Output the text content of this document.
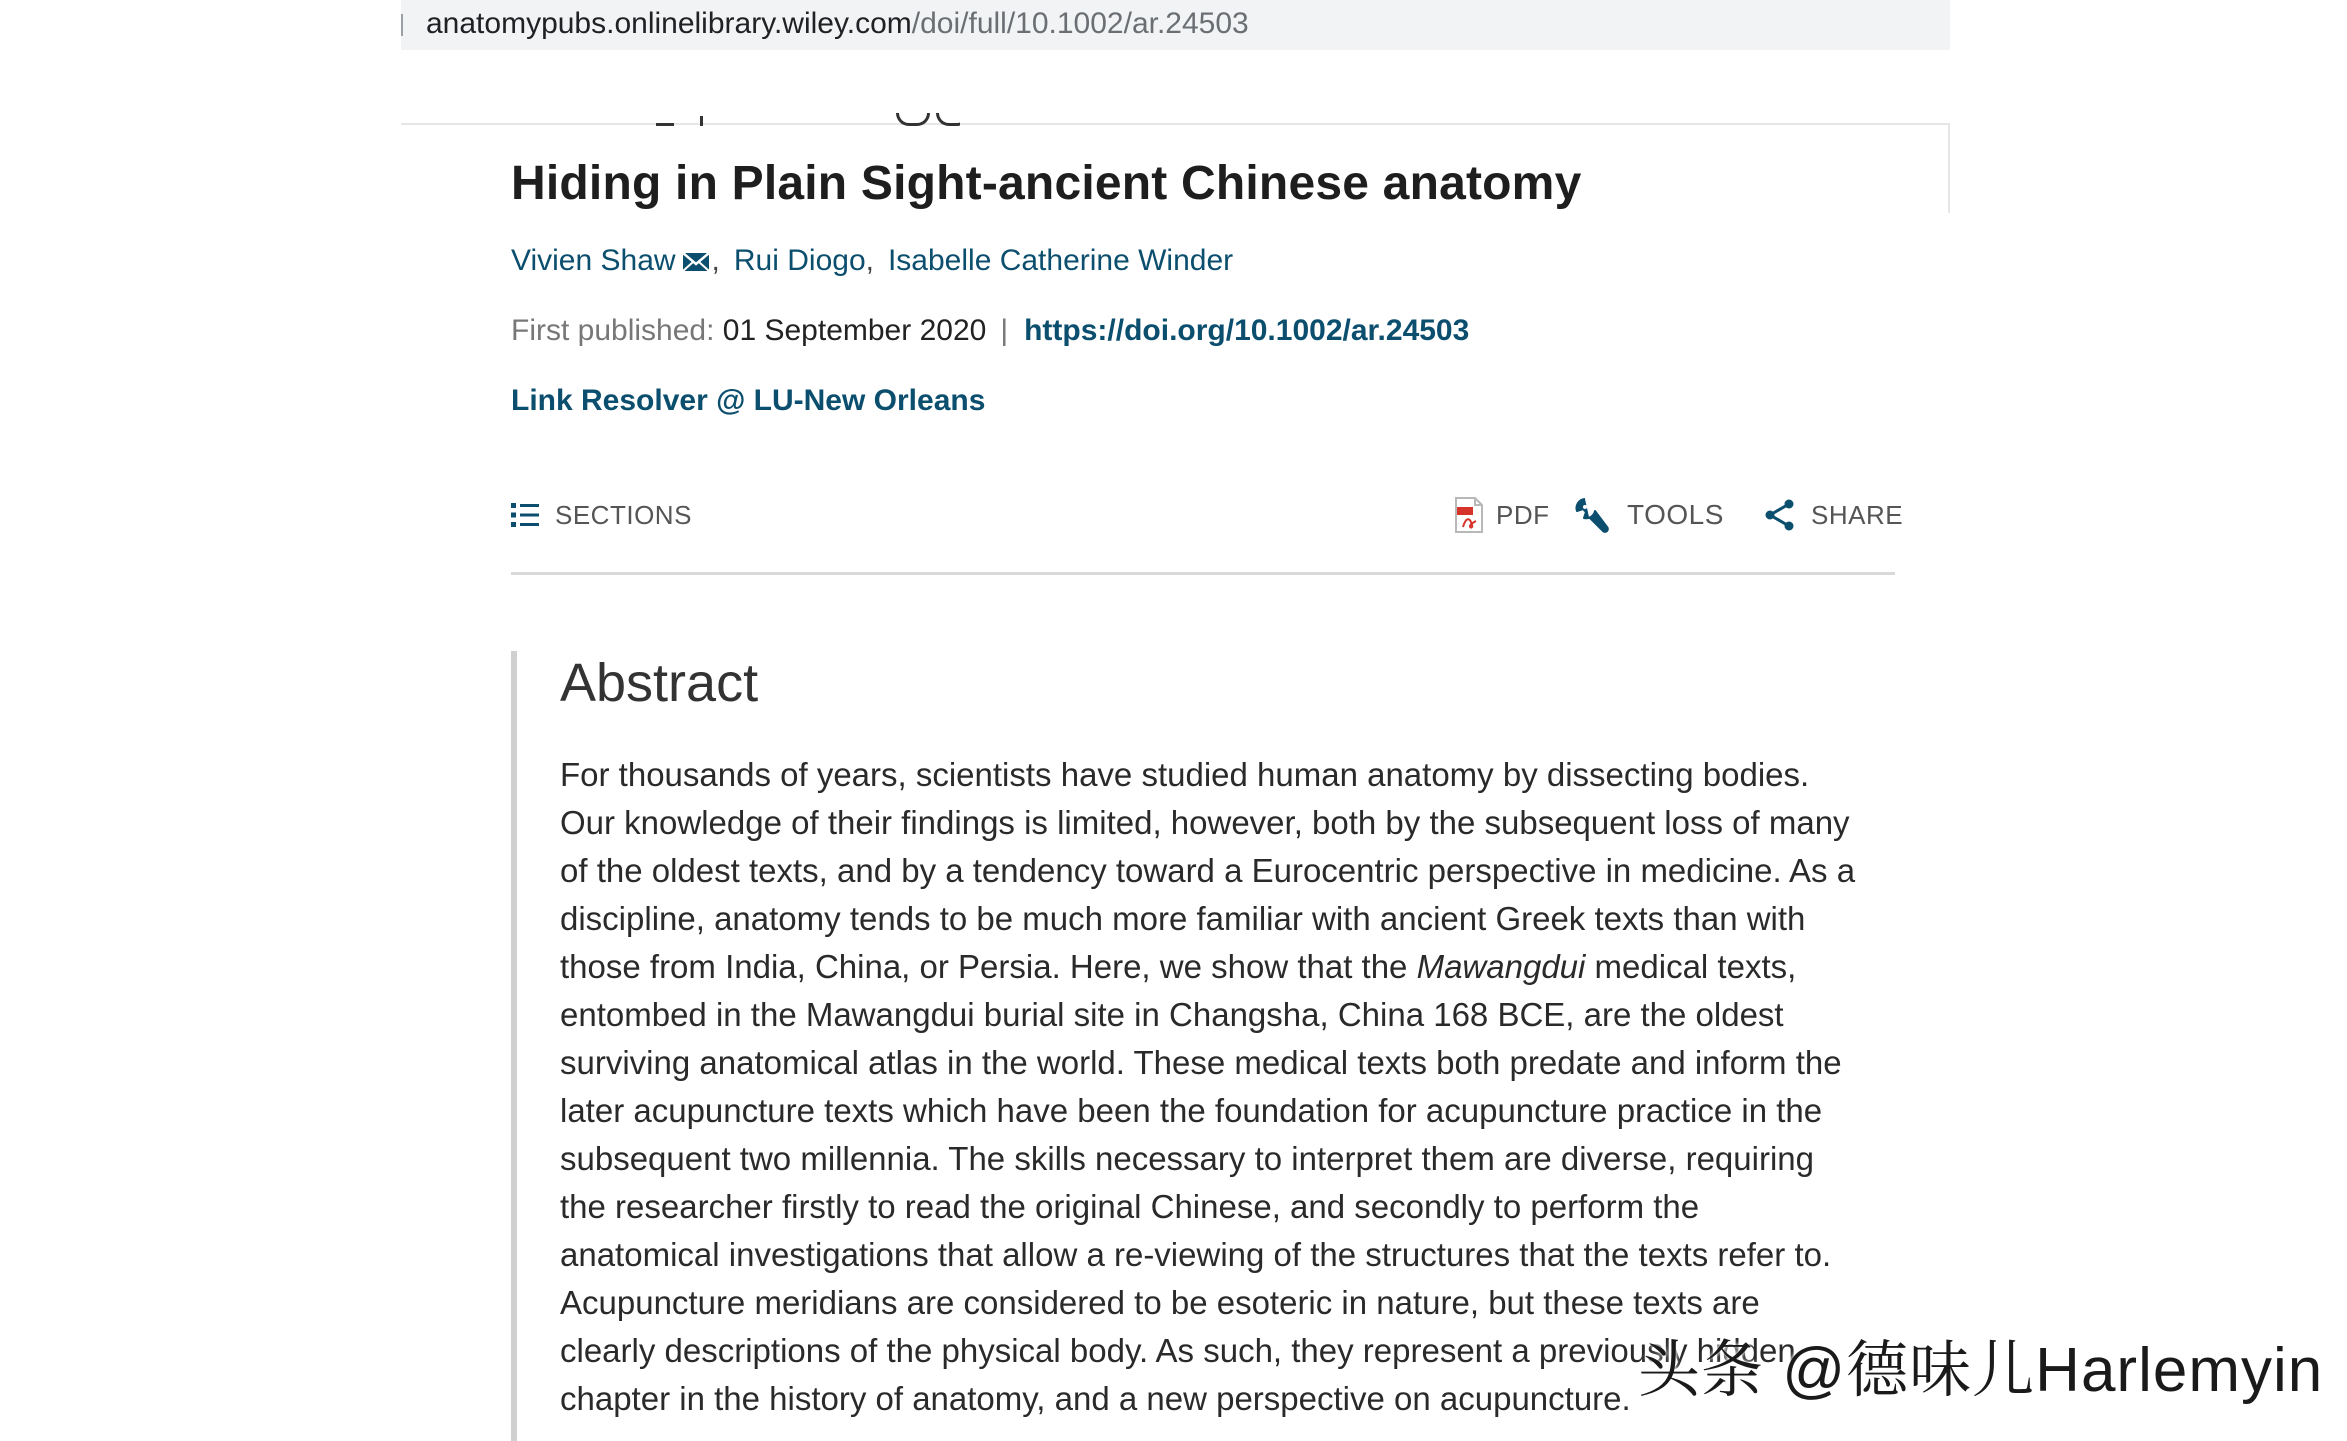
anatomypubs.onlinelibrary.wiley.com/doi/full/10.1002/ar.24503
Hiding in Plain Sight-ancient Chinese anatomy
Vivien Shaw , Rui Diogo, Isabelle Catherine Winder
First published: 01 September 2020 | https://doi.org/10.1002/ar.24503
Link Resolver @ LU-New Orleans
SECTIONS	PDF	TOOLS	SHARE
Abstract
For thousands of years, scientists have studied human anatomy by dissecting bodies.
Our knowledge of their findings is limited, however, both by the subsequent loss of many
of the oldest texts, and by a tendency toward a Eurocentric perspective in medicine. As a
discipline, anatomy tends to be much more familiar with ancient Greek texts than with
those from India, China, or Persia. Here, we show that the Mawangdui medical texts,
entombed in the Mawangdui burial site in Changsha, China 168 BCE, are the oldest
surviving anatomical atlas in the world. These medical texts both predate and inform the
later acupuncture texts which have been the foundation for acupuncture practice in the
subsequent two millennia. The skills necessary to interpret them are diverse, requiring
the researcher firstly to read the original Chinese, and secondly to perform the
anatomical investigations that allow a re-viewing of the structures that the texts refer to.
Acupuncture meridians are considered to be esoteric in nature, but these texts are
clearly descriptions of the physical body. As such, they represent a previously hidden
chapter in the history of anatomy, and a new perspective on acupuncture. 头条 @德味儿Harlemyin
